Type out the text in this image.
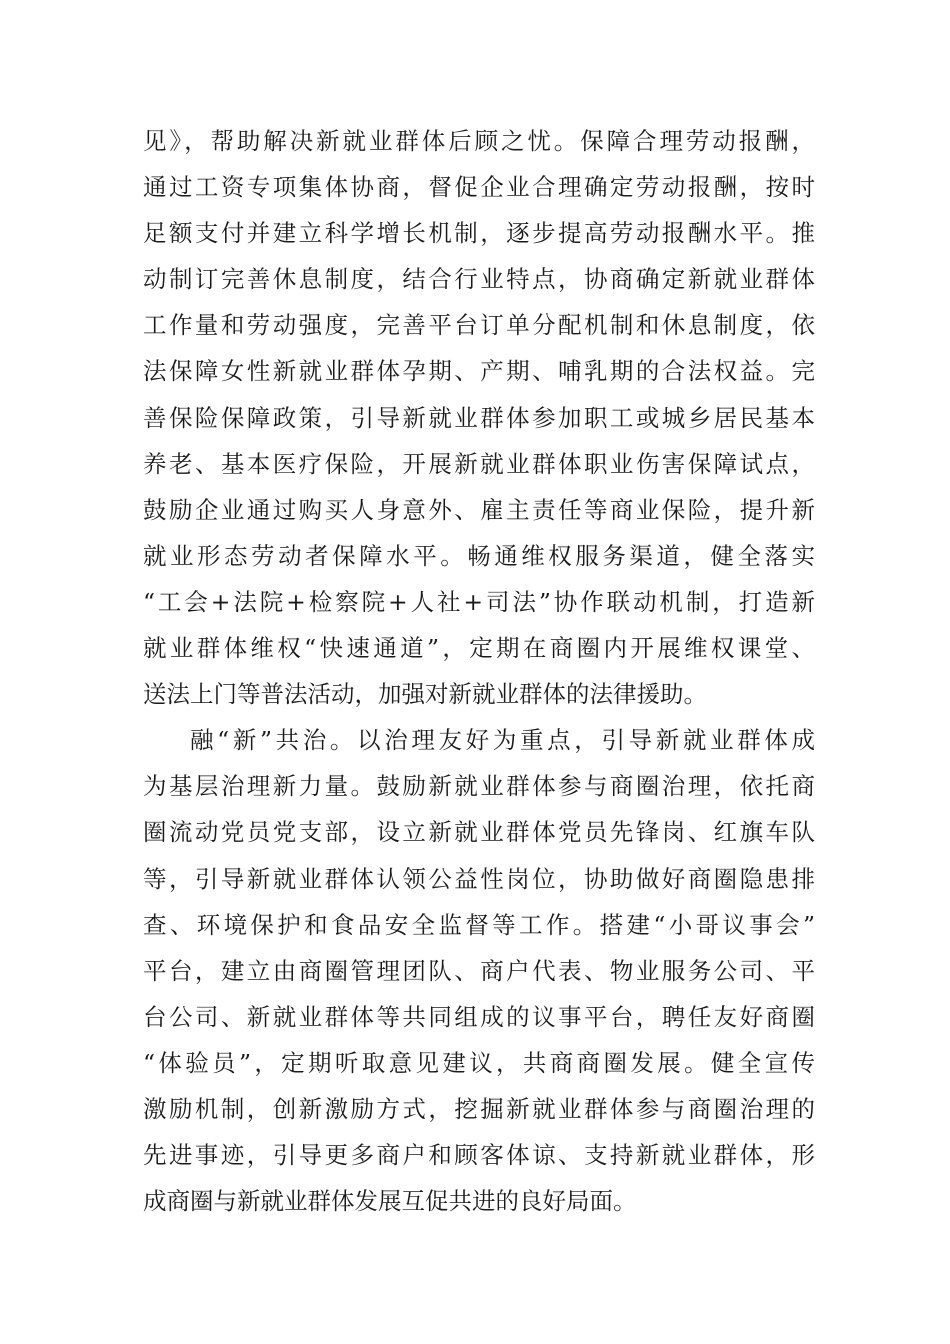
见》，帮助解决新就业群体后顾之忧。保障合理劳动报酬，
通过工资专项集体协商，督促企业合理确定劳动报酬，按时
足额支付并建立科学增长机制，逐步提高劳动报酬水平。推
动制订完善休息制度，结合行业特点，协商确定新就业群体
工作量和劳动强度，完善平台订单分配机制和休息制度，依
法保障女性新就业群体孕期、产期、哺乳期的合法权益。完
善保险保障政策，引导新就业群体参加职工或城乡居民基本
养老、基本医疗保险，开展新就业群体职业伤害保障试点，
鼓励企业通过购买人身意外、雇主责任等商业保险，提升新
就业形态劳动者保障水平。畅通维权服务渠道，健全落实
“工会+法院+检察院+人社+司法”协作联动机制，打造新
就业群体维权“快速通道”，定期在商圈内开展维权课堂、
送法上门等普法活动，加强对新就业群体的法律援助。
融“新”共治。以治理友好为重点，引导新就业群体成
为基层治理新力量。鼓励新就业群体参与商圈治理，依托商
圈流动党员党支部，设立新就业群体党员先锋岗、红旗车队
等，引导新就业群体认领公益性岗位，协助做好商圈隐患排
查、环境保护和食品安全监督等工作。搭建“小哥议事会”
平台，建立由商圈管理团队、商户代表、物业服务公司、平
台公司、新就业群体等共同组成的议事平台，聘任友好商圈
“体验员”，定期听取意见建议，共商商圈发展。健全宣传
激励机制，创新激励方式，挖掘新就业群体参与商圈治理的
先进事迹，引导更多商户和顾客体谅、支持新就业群体，形
成商圈与新就业群体发展互促共进的良好局面。
